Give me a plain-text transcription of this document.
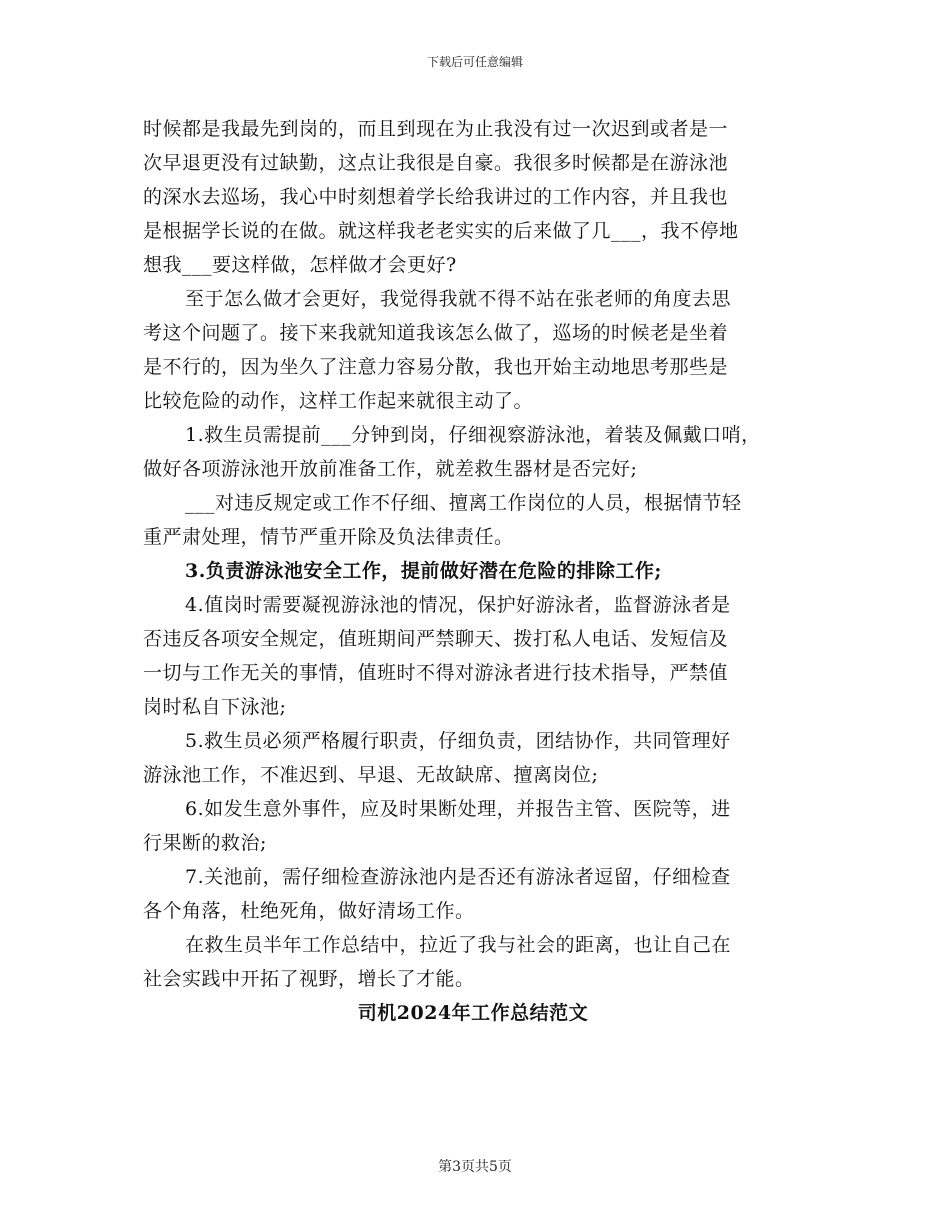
下载后可任意编辑
时候都是我最先到岗的，而且到现在为止我没有过一次迟到或者是一
次早退更没有过缺勤，这点让我很是自豪。我很多时候都是在游泳池
的深水去巡场，我心中时刻想着学长给我讲过的工作内容，并且我也
是根据学长说的在做。就这样我老老实实的后来做了几___，我不停地
想我___要这样做，怎样做才会更好?
至于怎么做才会更好，我觉得我就不得不站在张老师的角度去思
考这个问题了。接下来我就知道我该怎么做了，巡场的时候老是坐着
是不行的，因为坐久了注意力容易分散，我也开始主动地思考那些是
比较危险的动作，这样工作起来就很主动了。
1.救生员需提前___分钟到岗，仔细视察游泳池，着装及佩戴口哨，
做好各项游泳池开放前准备工作，就差救生器材是否完好;
___对违反规定或工作不仔细、擅离工作岗位的人员，根据情节轻
重严肃处理，情节严重开除及负法律责任。
3.负责游泳池安全工作，提前做好潜在危险的排除工作;
4.值岗时需要凝视游泳池的情况，保护好游泳者，监督游泳者是
否违反各项安全规定，值班期间严禁聊天、拨打私人电话、发短信及
一切与工作无关的事情，值班时不得对游泳者进行技术指导，严禁值
岗时私自下泳池;
5.救生员必须严格履行职责，仔细负责，团结协作，共同管理好
游泳池工作，不准迟到、早退、无故缺席、擅离岗位;
6.如发生意外事件，应及时果断处理，并报告主管、医院等，进
行果断的救治;
7.关池前，需仔细检查游泳池内是否还有游泳者逗留，仔细检查
各个角落，杜绝死角，做好清场工作。
在救生员半年工作总结中，拉近了我与社会的距离，也让自己在
社会实践中开拓了视野，增长了才能。
司机2024年工作总结范文
第3页共5页
